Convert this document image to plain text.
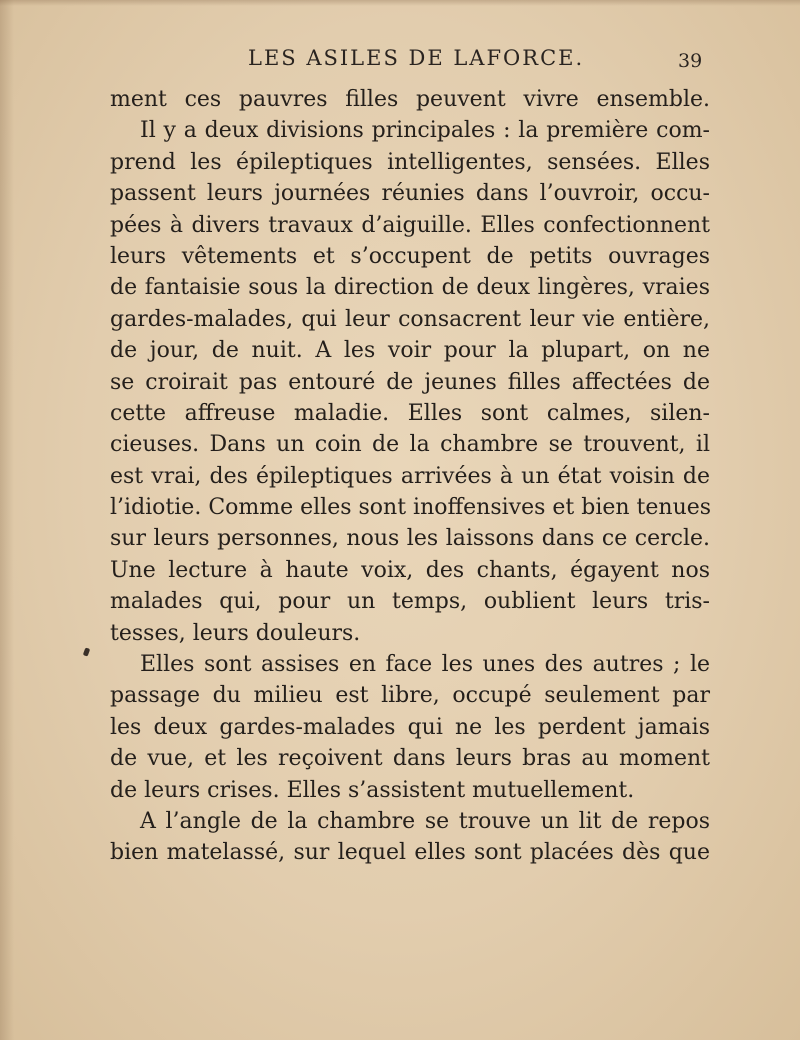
LES ASILES DE LAFORCE.	39
ment ces pauvres filles peuvent vivre ensemble.
Il y a deux divisions principales : la première com-
prend les épileptiques intelligentes, sensées. Elles
passent leurs journées réunies dans l’ouvroir, occu-
pées à divers travaux d’aiguille. Elles confectionnent
leurs vêtements et s’occupent de petits ouvrages
de fantaisie sous la direction de deux lingères, vraies
gardes-malades, qui leur consacrent leur vie entière,
de jour, de nuit. A les voir pour la plupart, on ne
se croirait pas entouré de jeunes filles affectées de
cette affreuse maladie. Elles sont calmes, silen-
cieuses. Dans un coin de la chambre se trouvent, il
est vrai, des épileptiques arrivées à un état voisin de
l’idiotie. Comme elles sont inoffensives et bien tenues
sur leurs personnes, nous les laissons dans ce cercle.
Une lecture à haute voix, des chants, égayent nos
malades qui, pour un temps, oublient leurs tris-
tesses, leurs douleurs.
Elles sont assises en face les unes des autres ; le
passage du milieu est libre, occupé seulement par
les deux gardes-malades qui ne les perdent jamais
de vue, et les reçoivent dans leurs bras au moment
de leurs crises. Elles s’assistent mutuellement.
A l’angle de la chambre se trouve un lit de repos
bien matelassé, sur lequel elles sont placées dès que
